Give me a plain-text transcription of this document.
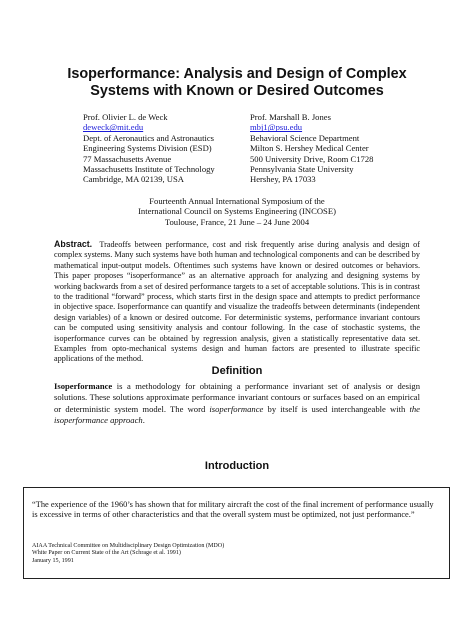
Isoperformance: Analysis and Design of Complex
Systems with Known or Desired Outcomes
Prof. Olivier L. de Weck
deweck@mit.edu
Dept. of Aeronautics and Astronautics
Engineering Systems Division (ESD)
77 Massachusetts Avenue
Massachusetts Institute of Technology
Cambridge, MA 02139, USA
Prof. Marshall B. Jones
mbj1@psu.edu
Behavioral Science Department
Milton S. Hershey Medical Center
500 University Drive, Room C1728
Pennsylvania State University
Hershey, PA 17033
Fourteenth Annual International Symposium of the
International Council on Systems Engineering (INCOSE)
Toulouse, France, 21 June – 24 June 2004
Abstract. Tradeoffs between performance, cost and risk frequently arise during analysis and design of complex systems. Many such systems have both human and technological components and can be described by mathematical input-output models. Oftentimes such systems have known or desired outcomes or behaviors. This paper proposes “isoperformance” as an alternative approach for analyzing and designing systems by working backwards from a set of desired performance targets to a set of acceptable solutions. This is in contrast to the traditional “forward” process, which starts first in the design space and attempts to predict performance in objective space. Isoperformance can quantify and visualize the tradeoffs between determinants (independent design variables) of a known or desired outcome. For deterministic systems, performance invariant contours can be computed using sensitivity analysis and contour following. In the case of stochastic systems, the isoperformance curves can be obtained by regression analysis, given a statistically representative data set. Examples from opto-mechanical systems design and human factors are presented to illustrate specific applications of the method.
Definition
Isoperformance is a methodology for obtaining a performance invariant set of analysis or design solutions. These solutions approximate performance invariant contours or surfaces based on an empirical or deterministic system model. The word isoperformance by itself is used interchangeable with the isoperformance approach.
Introduction
“The experience of the 1960’s has shown that for military aircraft the cost of the final increment of performance usually is excessive in terms of other characteristics and that the overall system must be optimized, not just performance.”
AIAA Technical Committee on Multidisciplinary Design Optimization (MDO)
White Paper on Current State of the Art (Schrage et al. 1991)
January 15, 1991
